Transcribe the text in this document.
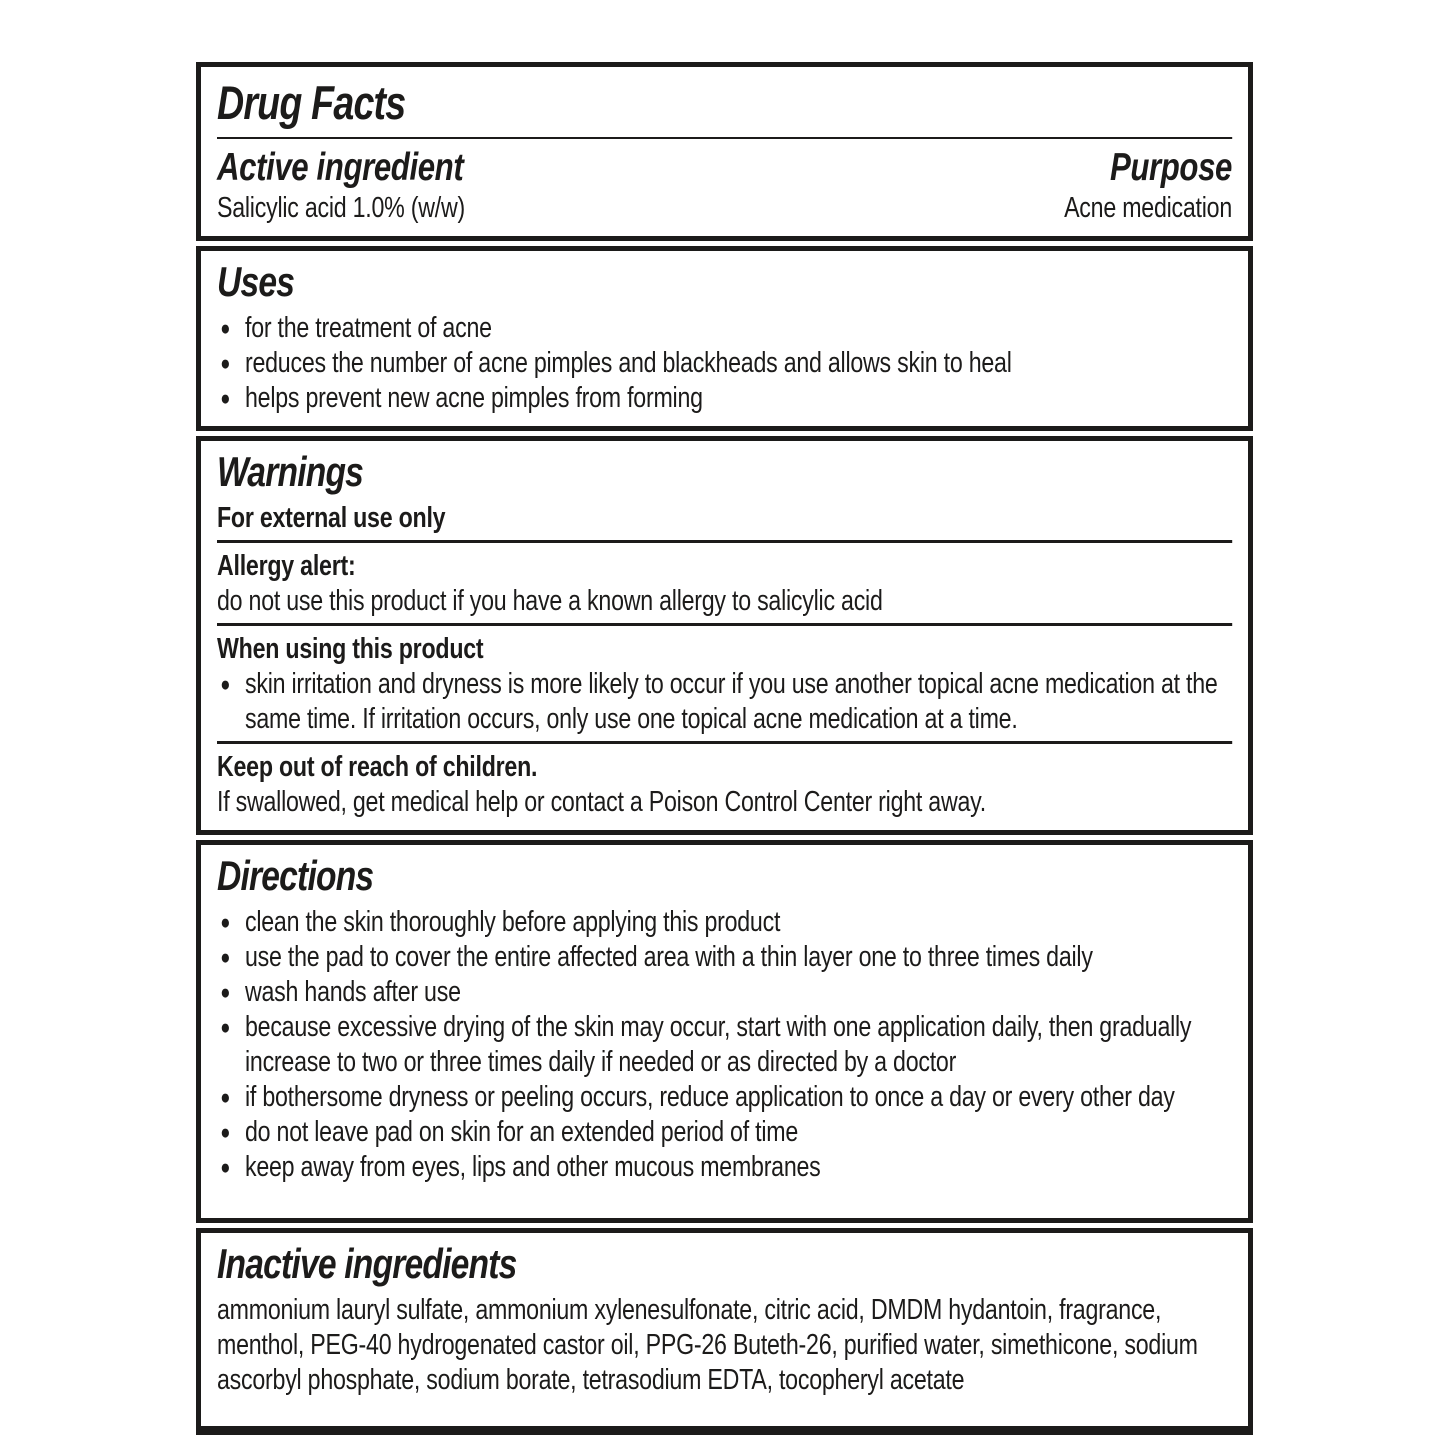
Drug Facts
Active ingredient	Purpose
Salicylic acid 1.0% (w/w)	Acne medication
Uses
● for the treatment of acne
● reduces the number of acne pimples and blackheads and allows skin to heal
● helps prevent new acne pimples from forming
Warnings
For external use only
Allergy alert:
do not use this product if you have a known allergy to salicylic acid
When using this product
● skin irritation and dryness is more likely to occur if you use another topical acne medication at the same time. If irritation occurs, only use one topical acne medication at a time.
Keep out of reach of children.
If swallowed, get medical help or contact a Poison Control Center right away.
Directions
● clean the skin thoroughly before applying this product
● use the pad to cover the entire affected area with a thin layer one to three times daily
● wash hands after use
● because excessive drying of the skin may occur, start with one application daily, then gradually increase to two or three times daily if needed or as directed by a doctor
● if bothersome dryness or peeling occurs, reduce application to once a day or every other day
● do not leave pad on skin for an extended period of time
● keep away from eyes, lips and other mucous membranes
Inactive ingredients
ammonium lauryl sulfate, ammonium xylenesulfonate, citric acid, DMDM hydantoin, fragrance, menthol, PEG-40 hydrogenated castor oil, PPG-26 Buteth-26, purified water, simethicone, sodium ascorbyl phosphate, sodium borate, tetrasodium EDTA, tocopheryl acetate
